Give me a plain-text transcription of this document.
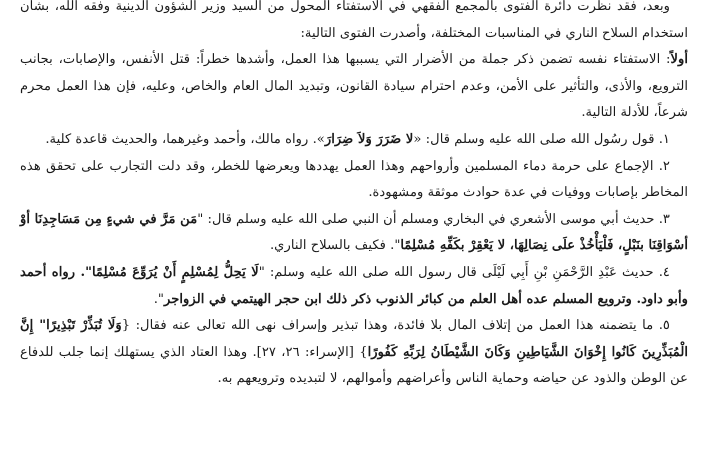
وبعد، فقد نظرت دائرة الفتوى بالمجمع الفقهي في الاستفتاء المحول من السيد وزير الشؤون الدينية وفقه الله، بشأن استخدام السلاح الناري في المناسبات المختلفة، وأصدرت الفتوى التالية:

أولاً: الاستفتاء نفسه تضمن ذكر جملة من الأضرار التي يسببها هذا العمل، وأشدها خطراً: قتل الأنفس، والإصابات، بجانب الترويع، والأذى، والتأثير على الأمن، وعدم احترام سيادة القانون، وتبديد المال العام والخاص، وعليه، فإن هذا العمل محرم شرعاً، للأدلة التالية.

١. قول رسُول الله صلى الله عليه وسلم قال: «لا ضَرَرَ وَلاَ ضِرَارَ». رواه مالك، وأحمد وغيرهما، والحديث قاعدة كلية.

٢. الإجماع على حرمة دماء المسلمين وأرواحهم وهذا العمل يهددها ويعرضها للخطر، وقد دلت التجارب على تحقق هذه المخاطر بإصابات ووفيات في عدة حوادث موثقة ومشهودة.

٣. حديث أبي موسى الأشعري في البخاري ومسلم أن النبي صلى الله عليه وسلم قال: "مَن مَرَّ في شيءٍ مِن مَسَاجِدِنَا أوْ أسْوَاقِنَا بنَبْلٍ، فَلْيَأْخُذْ علَى نِصَالِهَا، لا يَعْقِرْ بكَفِّهِ مُسْلِمًا". فكيف بالسلاح الناري.

٤. حديث عَبْدِ الرَّحْمَنِ بْنِ أَبِي لَيْلَى قال رسول الله صلى الله عليه وسلم: "لَا يَحِلُّ لِمُسْلِمٍ أَنْ يُرَوِّعَ مُسْلِمًا". رواه أحمد وأبو داود. وترويع المسلم عده أهل العلم من كبائر الذنوب ذكر ذلك ابن حجر الهيتمي في الزواجر".

٥. ما يتضمنه هذا العمل من إتلاف المال بلا فائدة، وهذا تبذير وإسراف نهى الله تعالى عنه فقال: {وَلَا تُبَذِّرْ تَبْذِيرًا" إِنَّ الْمُبَذِّرِينَ كَانُوا إِخْوَانَ الشَّيَاطِينِ وَكَانَ الشَّيْطَانُ لِرَبِّهِ كَفُورًا} [الإسراء: ٢٦، ٢٧]. وهذا العتاد الذي يستهلك إنما جلب للدفاع عن الوطن والذود عن حياضه وحماية الناس وأعراضهم وأموالهم، لا لتبديده وترويعهم به.
